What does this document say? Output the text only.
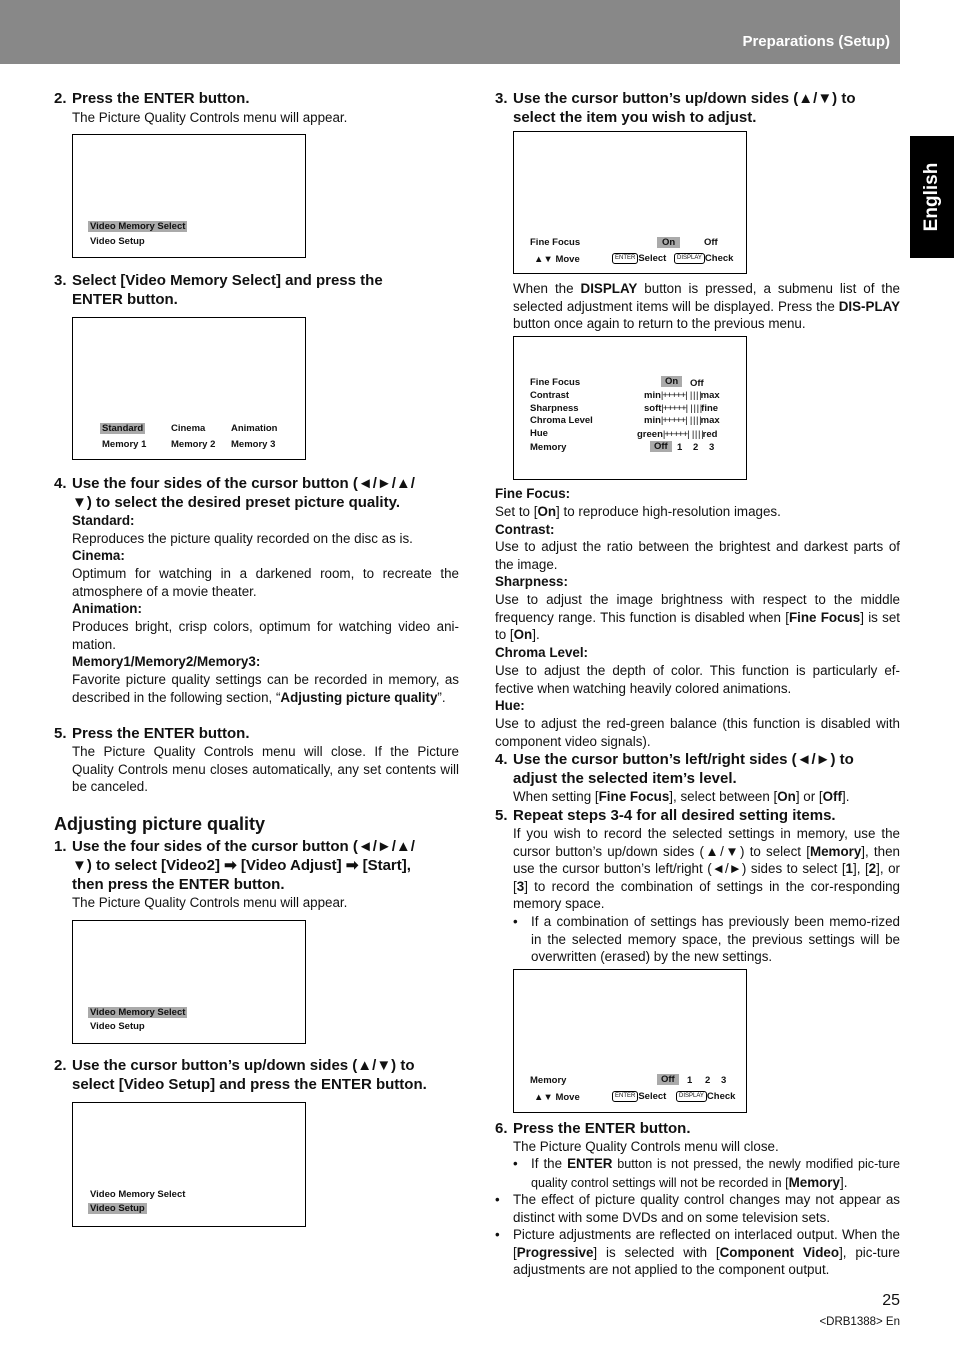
Preparations (Setup)
English
2. Press the ENTER button.
The Picture Quality Controls menu will appear.
Video Memory Select
Video Setup
3. Select [Video Memory Select] and press the
ENTER button.
Standard	Cinema	Animation
Memory 1	Memory 2 Memory 3
4. Use the four sides of the cursor button (◄/►/▲/
▼) to select the desired preset picture quality.
Standard:
Reproduces the picture quality recorded on the disc as is.
Cinema:
Optimum for watching in a darkened room, to recreate the atmosphere of a movie theater.
Animation:
Produces bright, crisp colors, optimum for watching video ani-mation.
Memory1/Memory2/Memory3:
Favorite picture quality settings can be recorded in memory, as described in the following section, “Adjusting picture quality”.
5. Press the ENTER button.
The Picture Quality Controls menu will close. If the Picture Quality Controls menu closes automatically, any set contents will be canceled.
Adjusting picture quality
1. Use the four sides of the cursor button (◄/►/▲/
▼) to select [Video2] ➡ [Video Adjust] ➡ [Start],
then press the ENTER button.
The Picture Quality Controls menu will appear.
Video Memory Select
Video Setup
2. Use the cursor button’s up/down sides (▲/▼) to
select [Video Setup] and press the ENTER button.
Video Memory Select
Video Setup
3. Use the cursor button’s up/down sides (▲/▼) to
select the item you wish to adjust.
Fine Focus	On	Off
▲▼ Move	ENTER Select	DISPLAY Check
When the DISPLAY button is pressed, a submenu list of the selected adjustment items will be displayed. Press the DIS-PLAY button once again to return to the previous menu.
Fine Focus	On	Off
Contrast	min|+++++|  | | | |max
Sharpness	soft|+++++|  | | | |fine
Chroma Level	min|+++++|  | | | |max
Hue	green|+++++|  | | | |red
Memory	Off 1 2 3
Fine Focus:
Set to [On] to reproduce high-resolution images.
Contrast:
Use to adjust the ratio between the brightest and darkest parts of the image.
Sharpness:
Use to adjust the image brightness with respect to the middle frequency range. This function is disabled when [Fine Focus] is set to [On].
Chroma Level:
Use to adjust the depth of color. This function is particularly ef-fective when watching heavily colored animations.
Hue:
Use to adjust the red-green balance (this function is disabled with component video signals).
4. Use the cursor button’s left/right sides (◄/►) to
adjust the selected item’s level.
When setting [Fine Focus], select between [On] or [Off].
5. Repeat steps 3-4 for all desired setting items.
If you wish to record the selected settings in memory, use the cursor button’s up/down sides (▲/▼) to select [Memory], then use the cursor button’s left/right (◄/►) sides to select [1], [2], or [3] to record the combination of settings in the cor-responding memory space.
• If a combination of settings has previously been memo-rized in the selected memory space, the previous settings will be overwritten (erased) by the new settings.
Memory	Off	1 2 3
▲▼ Move	ENTER Select	DISPLAY Check
6. Press the ENTER button.
The Picture Quality Controls menu will close.
• If the ENTER button is not pressed, the newly modified pic-ture quality control settings will not be recorded in [Memory].
• The effect of picture quality control changes may not appear as distinct with some DVDs and on some television sets.
• Picture adjustments are reflected on interlaced output. When the [Progressive] is selected with [Component Video], pic-ture adjustments are not applied to the component output.
25
<DRB1388> En
